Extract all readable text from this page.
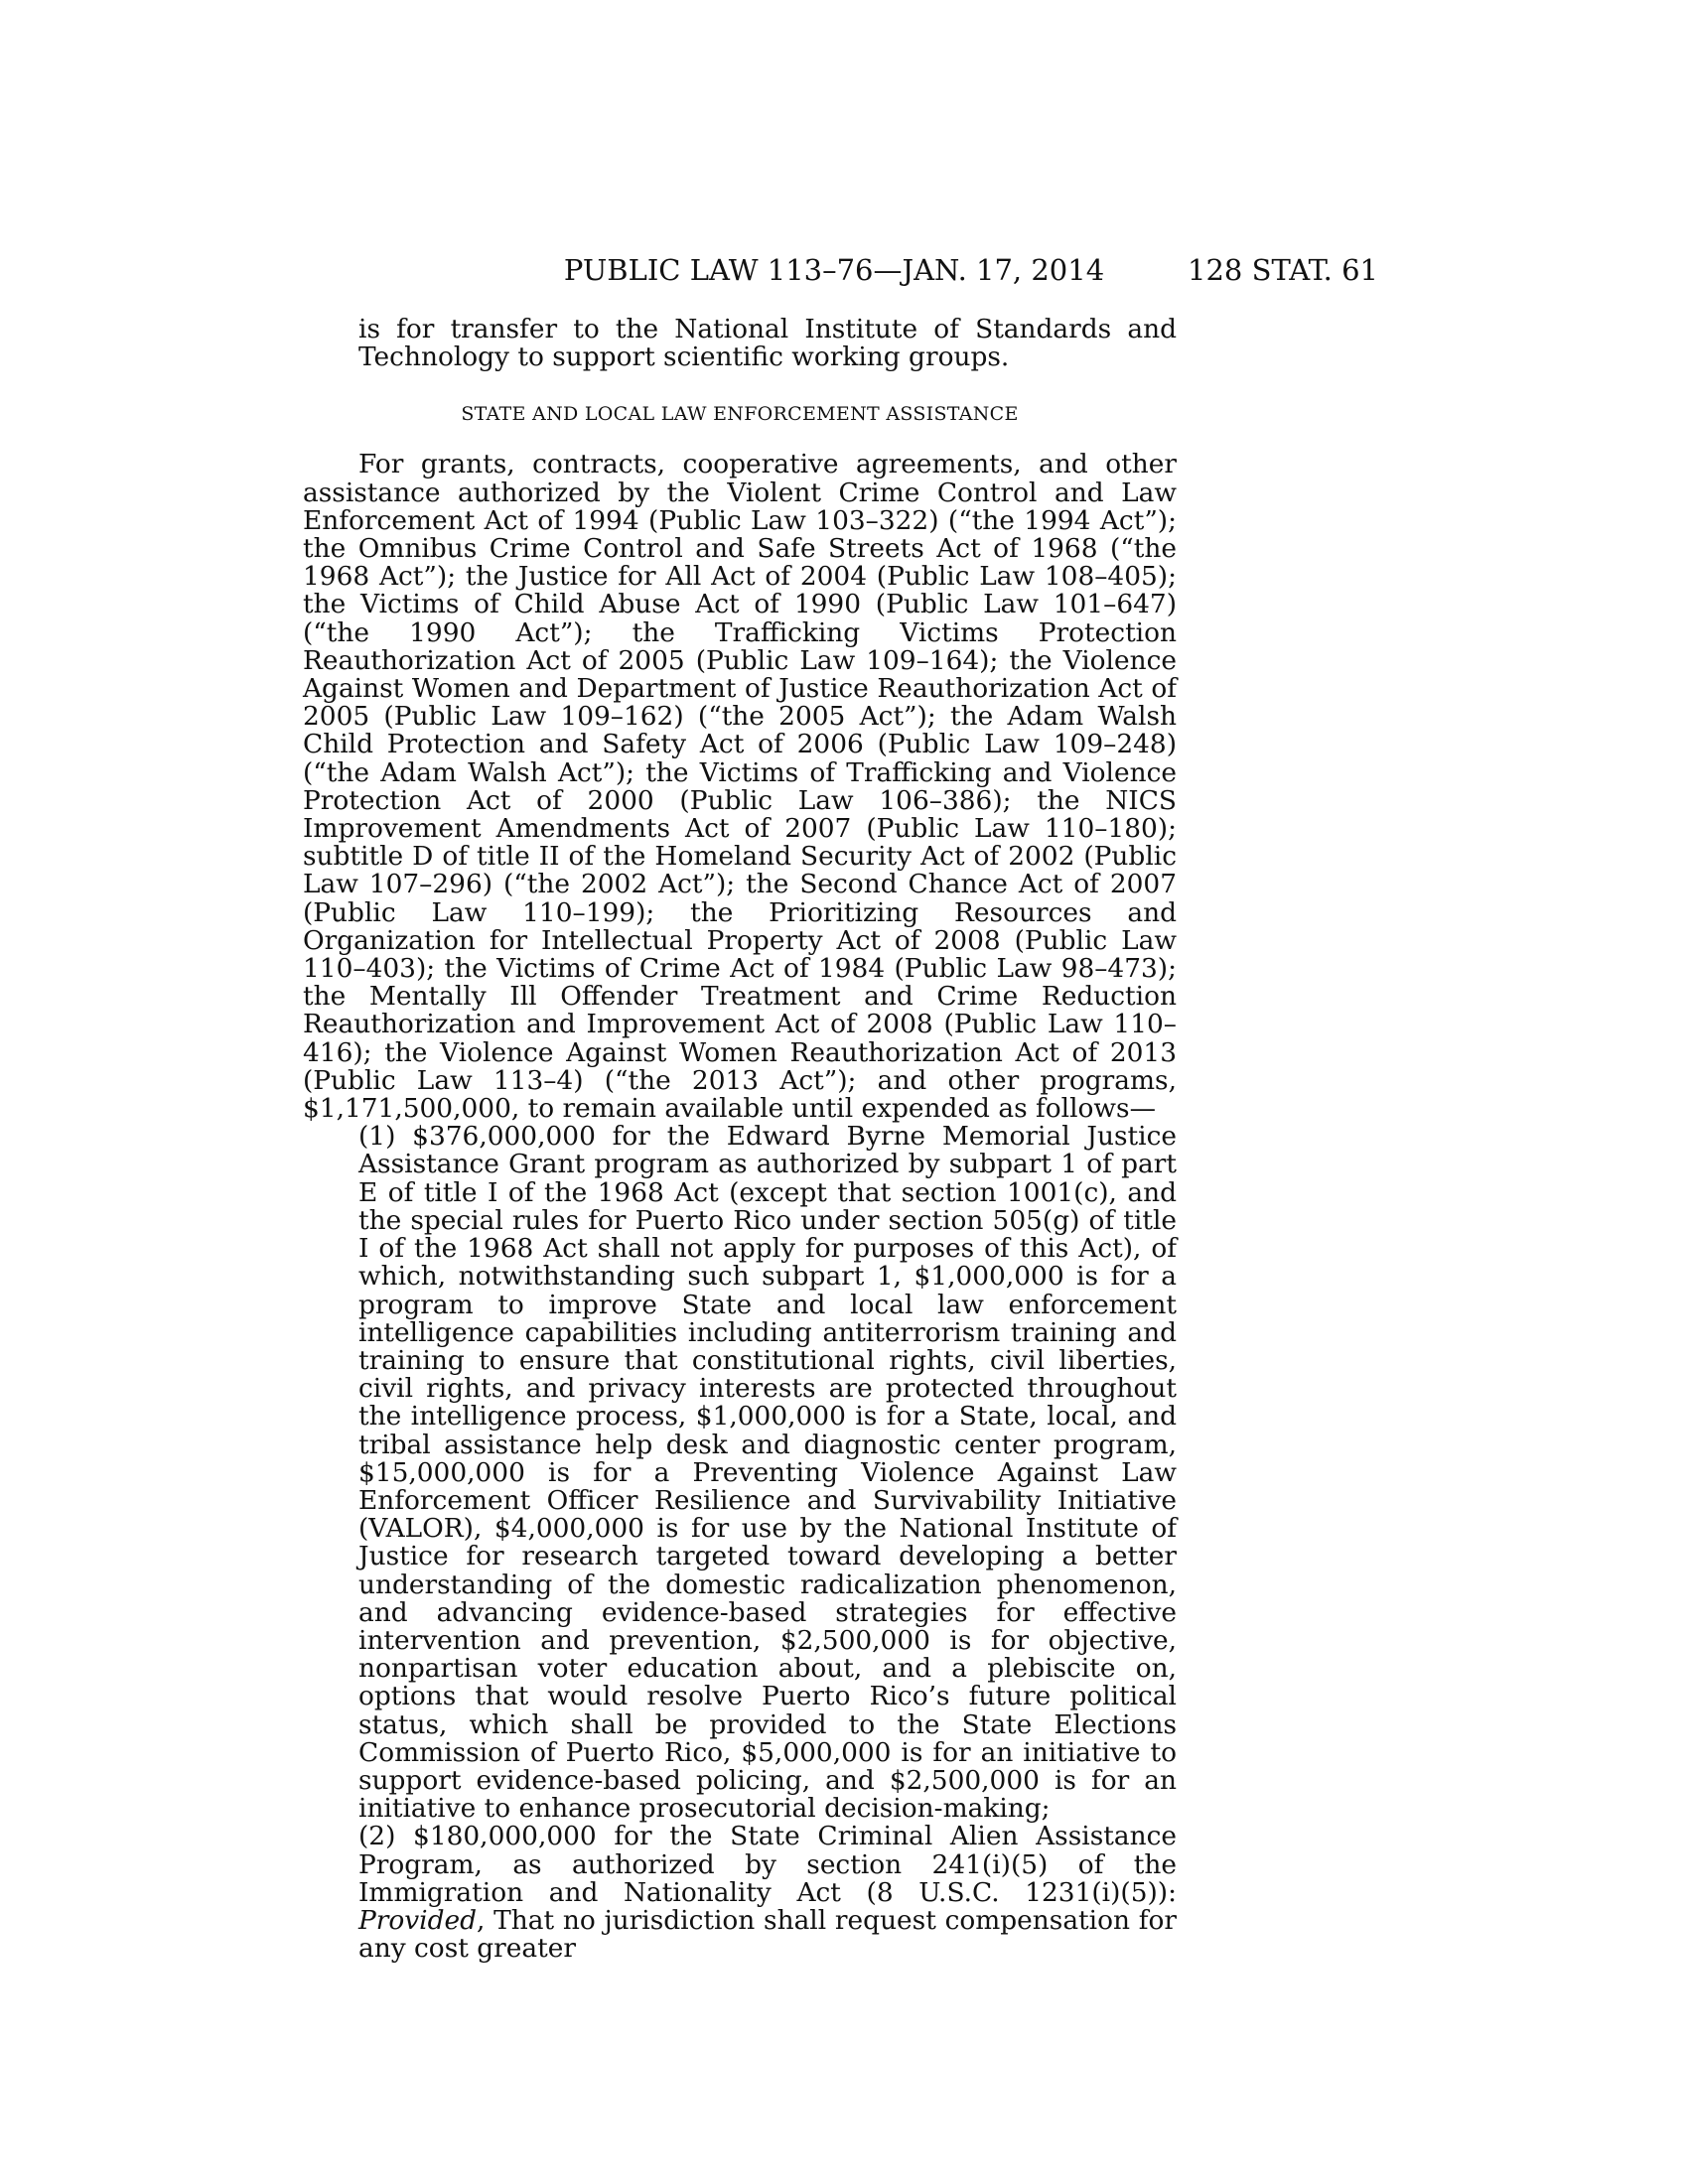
PUBLIC LAW 113–76—JAN. 17, 2014	128 STAT. 61

is for transfer to the National Institute of Standards and Technology to support scientific working groups.

STATE AND LOCAL LAW ENFORCEMENT ASSISTANCE

For grants, contracts, cooperative agreements, and other assistance authorized by the Violent Crime Control and Law Enforcement Act of 1994 (Public Law 103–322) (“the 1994 Act”); the Omnibus Crime Control and Safe Streets Act of 1968 (“the 1968 Act”); the Justice for All Act of 2004 (Public Law 108–405); the Victims of Child Abuse Act of 1990 (Public Law 101–647) (“the 1990 Act”); the Trafficking Victims Protection Reauthorization Act of 2005 (Public Law 109–164); the Violence Against Women and Department of Justice Reauthorization Act of 2005 (Public Law 109–162) (“the 2005 Act”); the Adam Walsh Child Protection and Safety Act of 2006 (Public Law 109–248) (“the Adam Walsh Act”); the Victims of Trafficking and Violence Protection Act of 2000 (Public Law 106–386); the NICS Improvement Amendments Act of 2007 (Public Law 110–180); subtitle D of title II of the Homeland Security Act of 2002 (Public Law 107–296) (“the 2002 Act”); the Second Chance Act of 2007 (Public Law 110–199); the Prioritizing Resources and Organization for Intellectual Property Act of 2008 (Public Law 110–403); the Victims of Crime Act of 1984 (Public Law 98–473); the Mentally Ill Offender Treatment and Crime Reduction Reauthorization and Improvement Act of 2008 (Public Law 110–416); the Violence Against Women Reauthorization Act of 2013 (Public Law 113–4) (“the 2013 Act”); and other programs, $1,171,500,000, to remain available until expended as follows—

(1) $376,000,000 for the Edward Byrne Memorial Justice Assistance Grant program as authorized by subpart 1 of part E of title I of the 1968 Act (except that section 1001(c), and the special rules for Puerto Rico under section 505(g) of title I of the 1968 Act shall not apply for purposes of this Act), of which, notwithstanding such subpart 1, $1,000,000 is for a program to improve State and local law enforcement intelligence capabilities including antiterrorism training and training to ensure that constitutional rights, civil liberties, civil rights, and privacy interests are protected throughout the intelligence process, $1,000,000 is for a State, local, and tribal assistance help desk and diagnostic center program, $15,000,000 is for a Preventing Violence Against Law Enforcement Officer Resilience and Survivability Initiative (VALOR), $4,000,000 is for use by the National Institute of Justice for research targeted toward developing a better understanding of the domestic radicalization phenomenon, and advancing evidence-based strategies for effective intervention and prevention, $2,500,000 is for objective, nonpartisan voter education about, and a plebiscite on, options that would resolve Puerto Rico’s future political status, which shall be provided to the State Elections Commission of Puerto Rico, $5,000,000 is for an initiative to support evidence-based policing, and $2,500,000 is for an initiative to enhance prosecutorial decision-making;

(2) $180,000,000 for the State Criminal Alien Assistance Program, as authorized by section 241(i)(5) of the Immigration and Nationality Act (8 U.S.C. 1231(i)(5)): Provided, That no jurisdiction shall request compensation for any cost greater
